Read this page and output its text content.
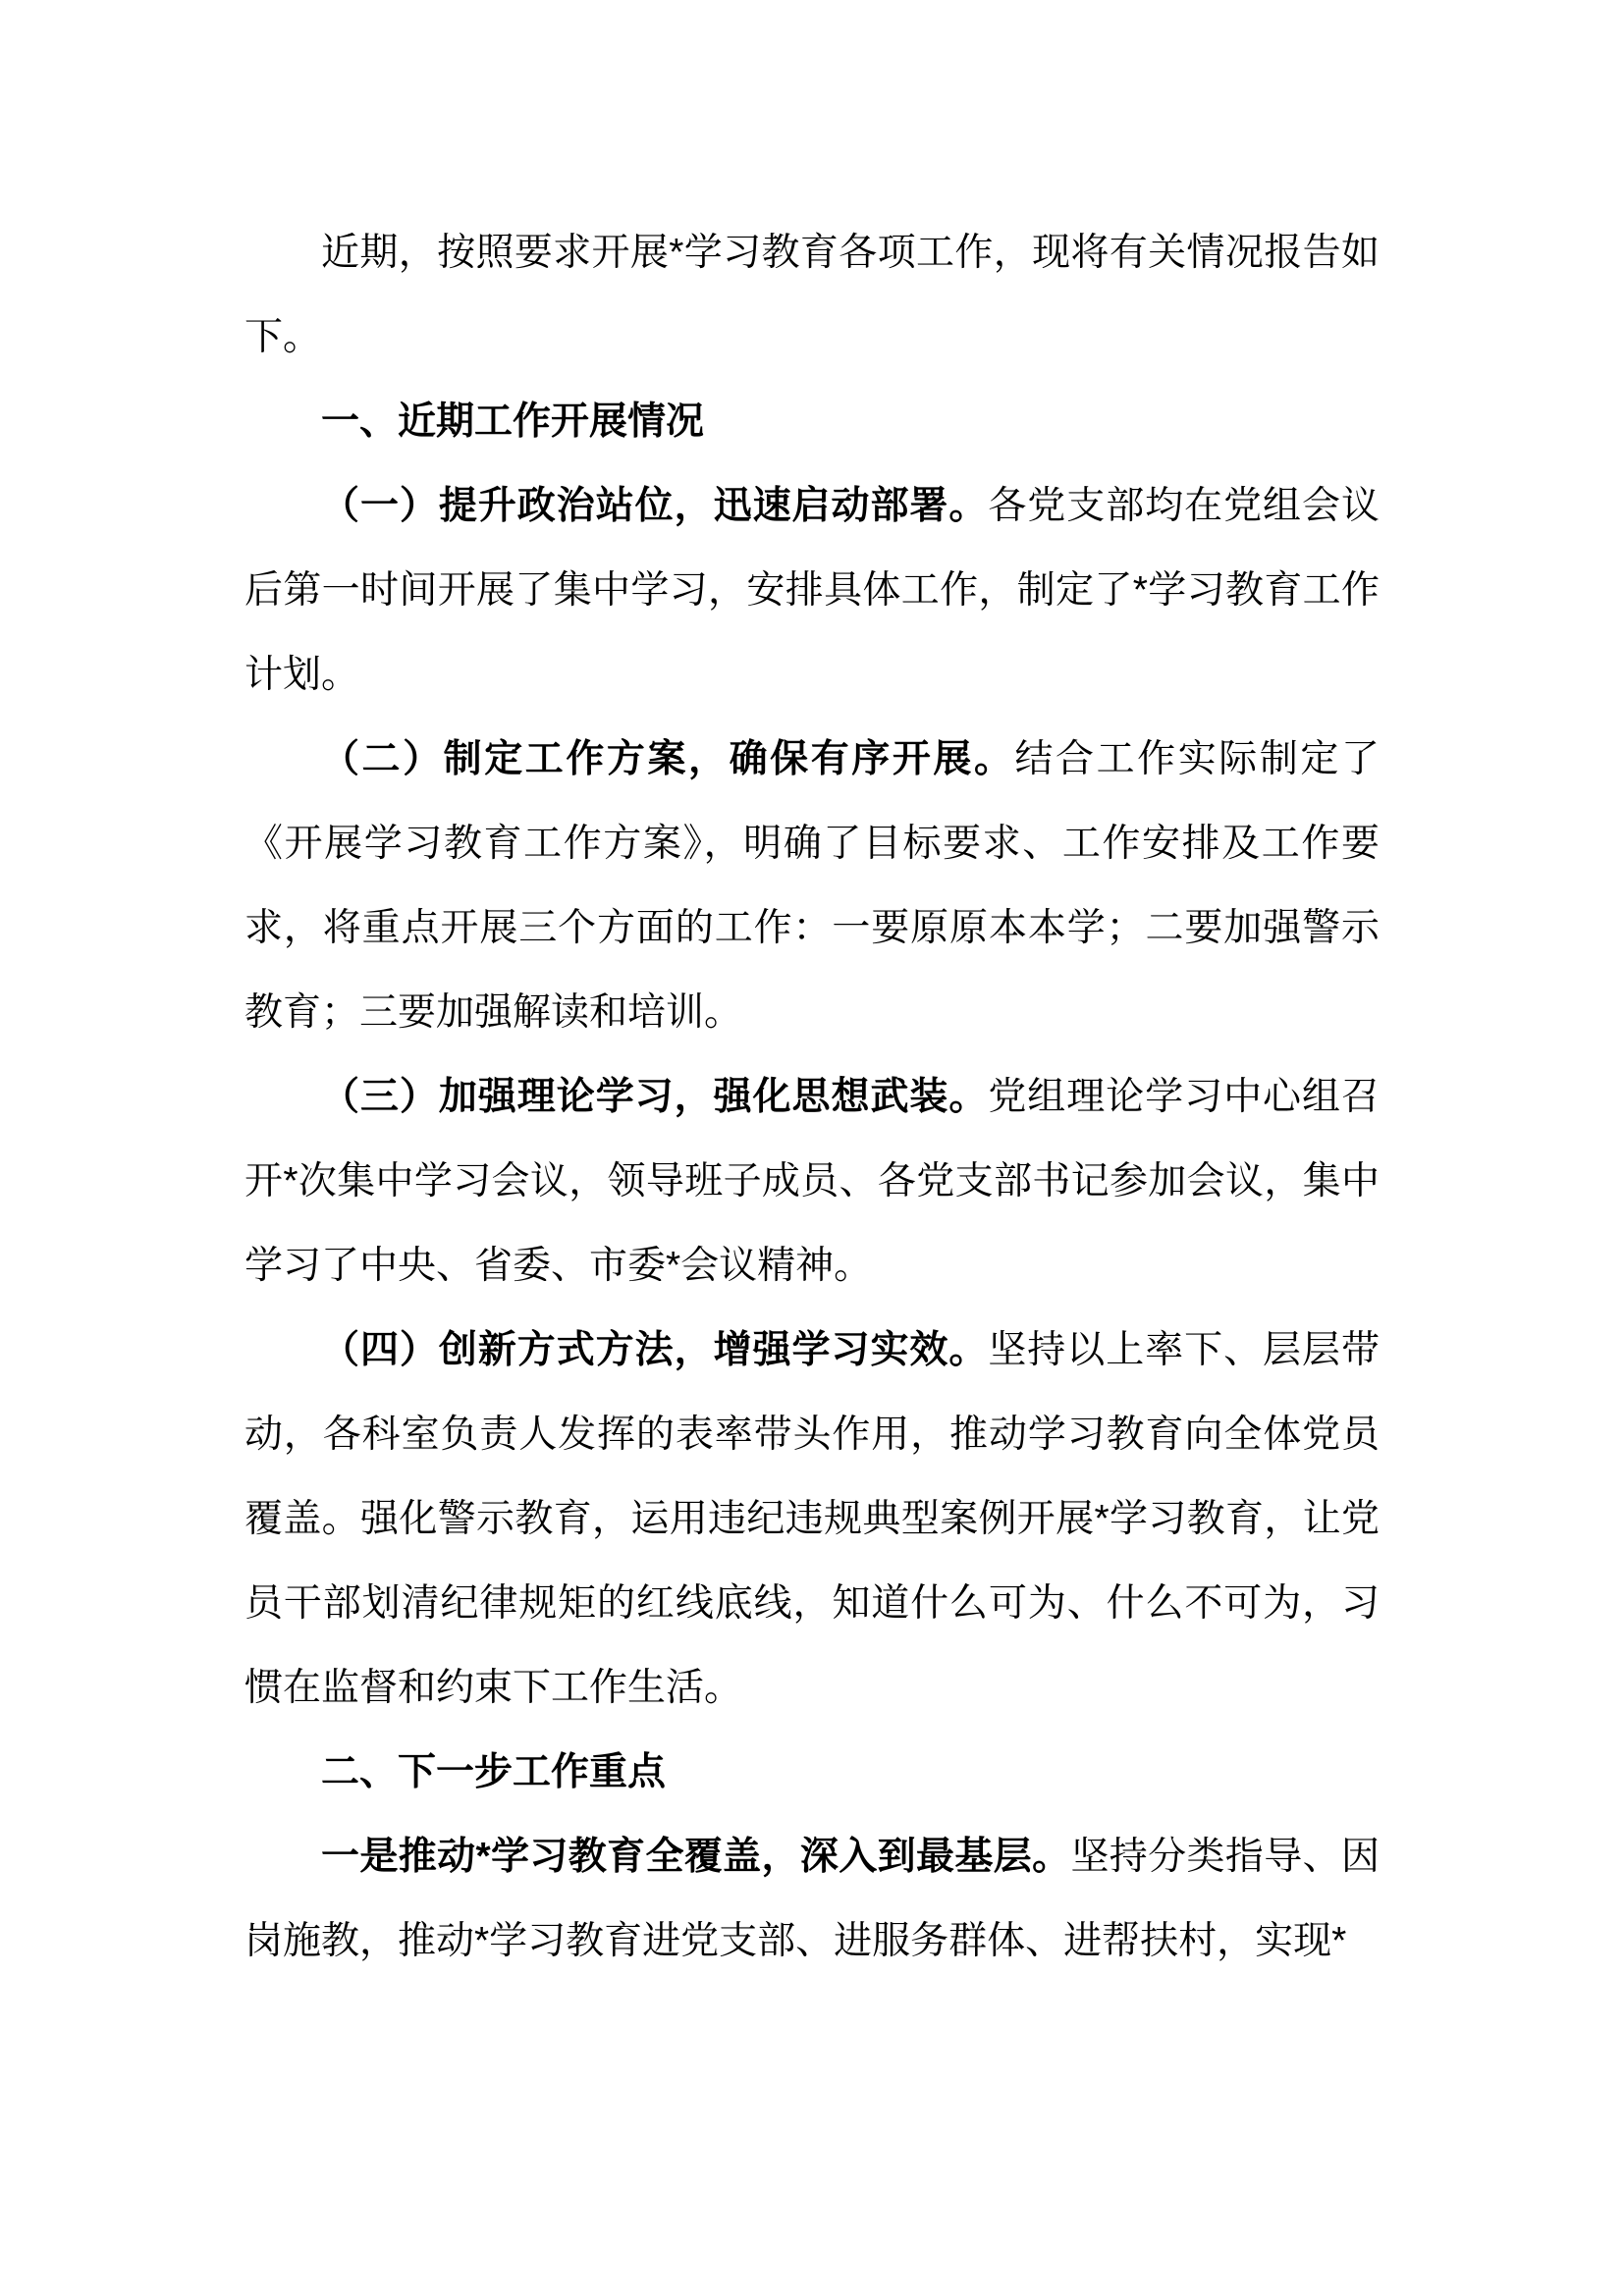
近期，按照要求开展*学习教育各项工作，现将有关情况报告如下。

一、近期工作开展情况

（一）提升政治站位，迅速启动部署。各党支部均在党组会议后第一时间开展了集中学习，安排具体工作，制定了*学习教育工作计划。

（二）制定工作方案，确保有序开展。结合工作实际制定了《开展学习教育工作方案》，明确了目标要求、工作安排及工作要求，将重点开展三个方面的工作：一要原原本本学；二要加强警示教育；三要加强解读和培训。

（三）加强理论学习，强化思想武装。党组理论学习中心组召开*次集中学习会议，领导班子成员、各党支部书记参加会议，集中学习了中央、省委、市委*会议精神。

（四）创新方式方法，增强学习实效。坚持以上率下、层层带动，各科室负责人发挥的表率带头作用，推动学习教育向全体党员覆盖。强化警示教育，运用违纪违规典型案例开展*学习教育，让党员干部划清纪律规矩的红线底线，知道什么可为、什么不可为，习惯在监督和约束下工作生活。

二、下一步工作重点

一是推动*学习教育全覆盖，深入到最基层。坚持分类指导、因岗施教，推动*学习教育进党支部、进服务群体、进帮扶村，实现*
